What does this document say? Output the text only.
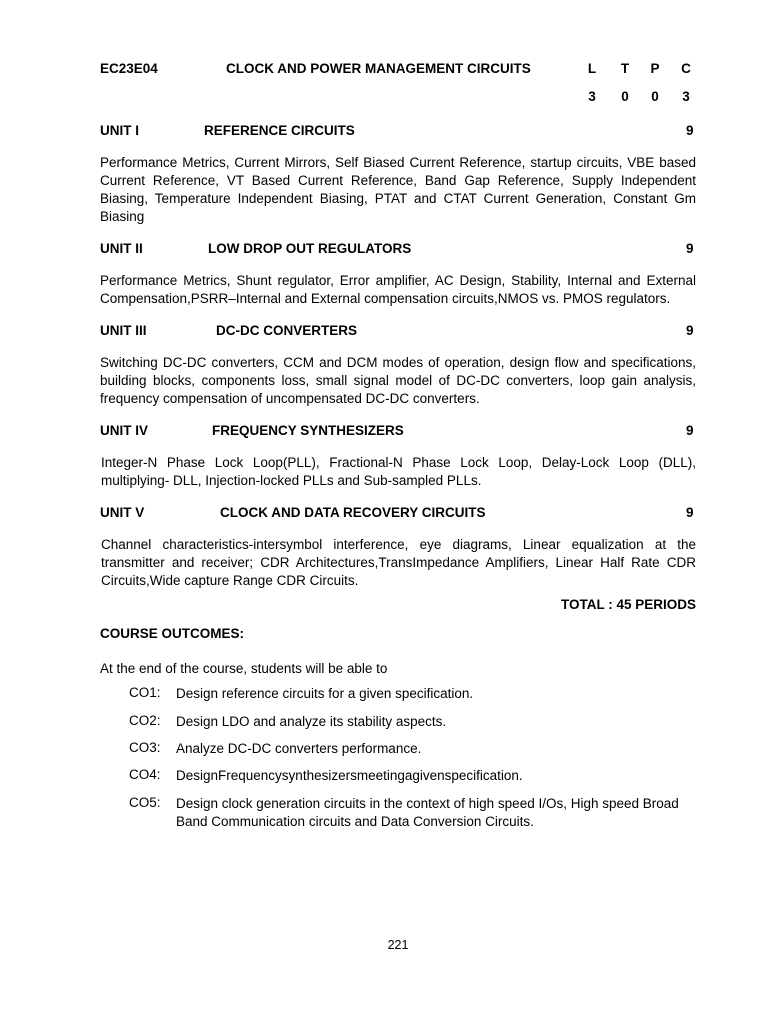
EC23E04	CLOCK AND POWER MANAGEMENT CIRCUITS	L	T	P	C
3	0	0	3
UNIT I	REFERENCE CIRCUITS	9
Performance Metrics, Current Mirrors, Self Biased Current Reference, startup circuits, VBE based Current Reference, VT Based Current Reference, Band Gap Reference, Supply Independent Biasing, Temperature Independent Biasing, PTAT and CTAT Current Generation, Constant Gm Biasing
UNIT II	LOW DROP OUT REGULATORS	9
Performance Metrics, Shunt regulator, Error amplifier, AC Design, Stability, Internal and External Compensation,PSRR–Internal and External compensation circuits,NMOS vs. PMOS regulators.
UNIT III	DC-DC CONVERTERS	9
Switching DC-DC converters, CCM and DCM modes of operation, design flow and specifications, building blocks, components loss, small signal model of DC-DC converters, loop gain analysis, frequency compensation of uncompensated DC-DC converters.
UNIT IV	FREQUENCY SYNTHESIZERS	9
Integer-N Phase Lock Loop(PLL), Fractional-N Phase Lock Loop, Delay-Lock Loop (DLL), multiplying- DLL, Injection-locked PLLs and Sub-sampled PLLs.
UNIT V	CLOCK AND DATA RECOVERY CIRCUITS	9
Channel characteristics-intersymbol interference, eye diagrams, Linear equalization at the transmitter and receiver; CDR Architectures,TransImpedance Amplifiers, Linear Half Rate CDR Circuits,Wide capture Range CDR Circuits.
TOTAL : 45 PERIODS
COURSE OUTCOMES:
At the end of the course, students will be able to
CO1: Design reference circuits for a given specification.
CO2: Design LDO and analyze its stability aspects.
CO3: Analyze DC-DC converters performance.
CO4: DesignFrequencysynthesizersmeetingagivenspecification.
CO5: Design clock generation circuits in the context of high speed I/Os, High speed Broad Band Communication circuits and Data Conversion Circuits.
221
